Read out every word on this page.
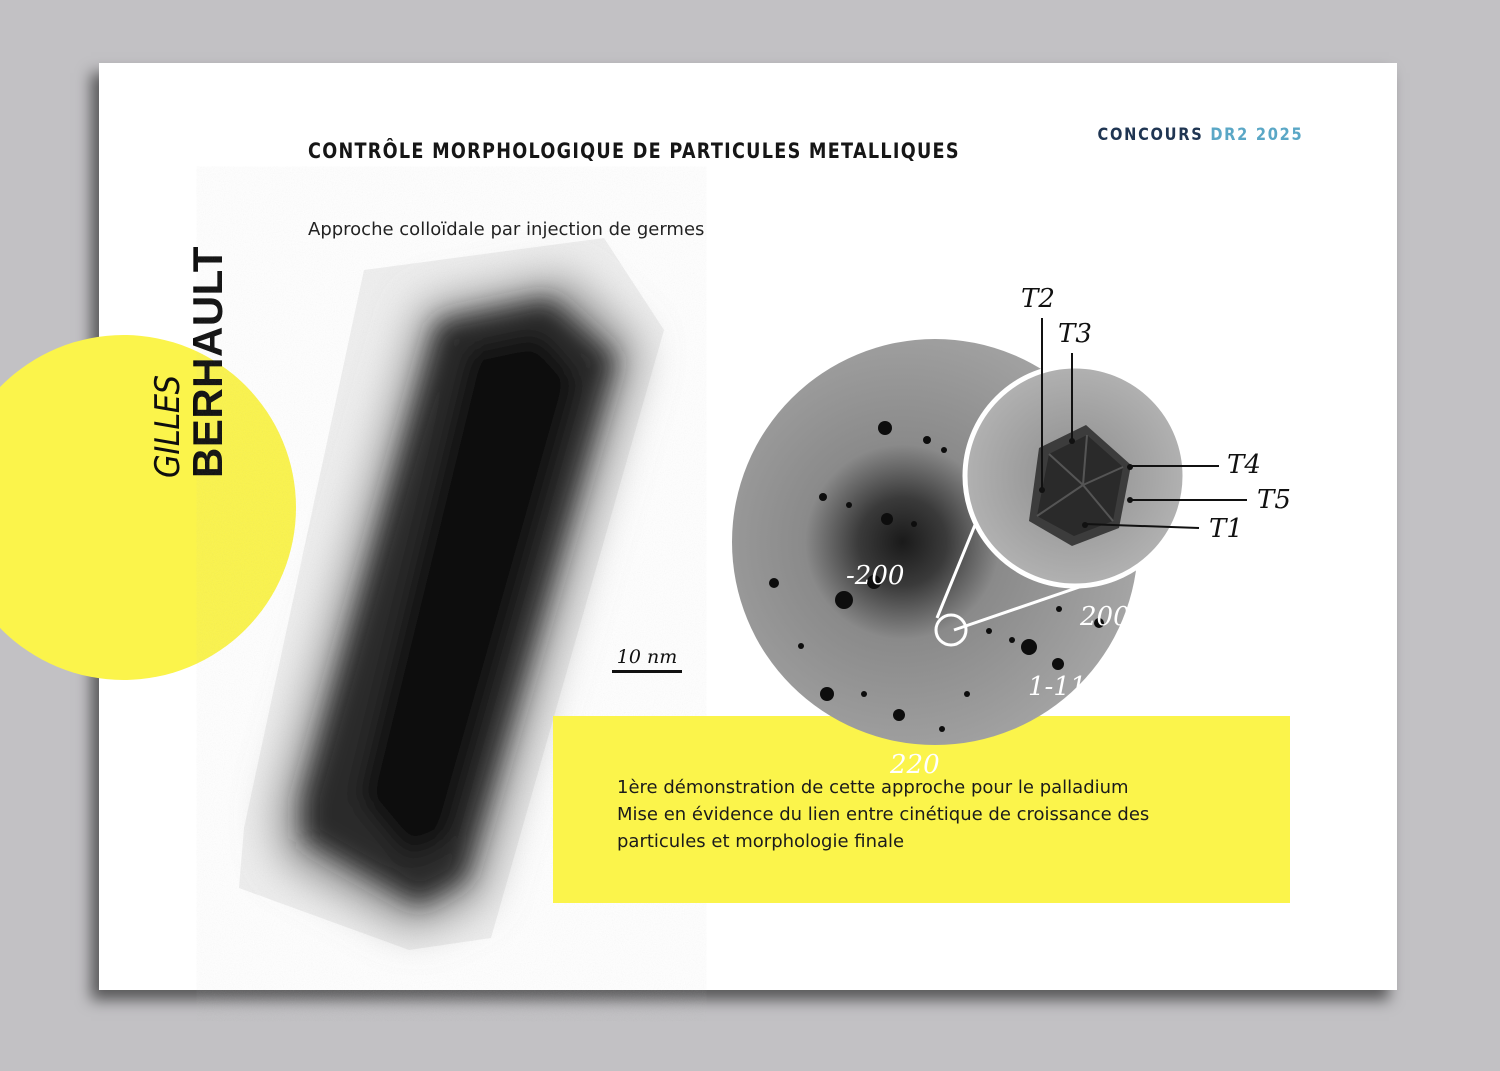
CONTRÔLE MORPHOLOGIQUE DE PARTICULES METALLIQUES
CONCOURS DR2 2025
Approche colloïdale par injection de germes
GILLES
BERHAULT
10 nm
1ère démonstration de cette approche pour le palladium
Mise en évidence du lien entre cinétique de croissance des
particules et morphologie finale
T2
T3
T4
T5
T1
-200
200
1-11
220
